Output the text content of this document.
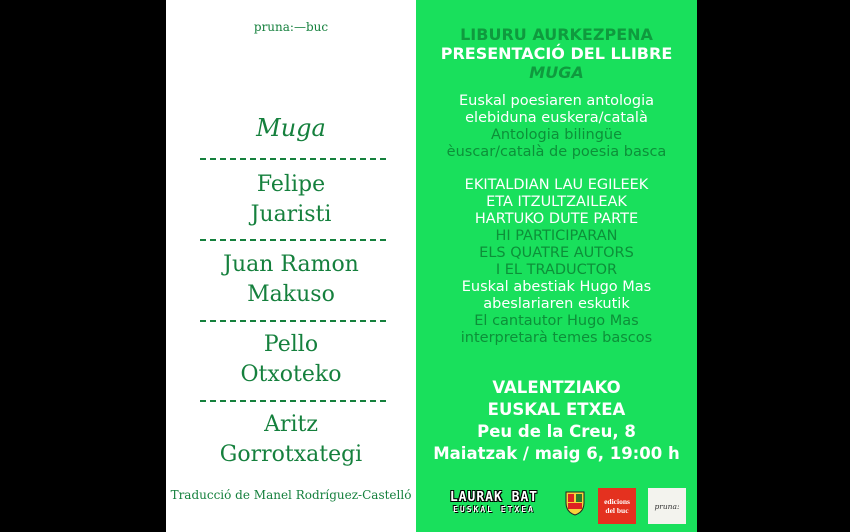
pruna:—buc
Muga
Felipe
Juaristi
Juan Ramon
Makuso
Pello
Otxoteko
Aritz
Gorrotxategi
Traducció de Manel Rodríguez-Castelló
LIBURU AURKEZPENA
PRESENTACIÓ DEL LLIBRE
MUGA
Euskal poesiaren antologia
elebiduna euskera/català
Antologia bilingüe
èuscar/català de poesia basca
EKITALDIAN LAU EGILEEK
ETA ITZULTZAILEAK
HARTUKO DUTE PARTE
HI PARTICIPARAN
ELS QUATRE AUTORS
I EL TRADUCTOR
Euskal abestiak Hugo Mas
abeslariaren eskutik
El cantautor Hugo Mas
interpretarà temes bascos
VALENTZIAKO
EUSKAL ETXEA
Peu de la Creu, 8
Maiatzak / maig 6, 19:00 h
LAURAK BAT
EUSKAL ETXEA
edicions
del buc	pruna:
